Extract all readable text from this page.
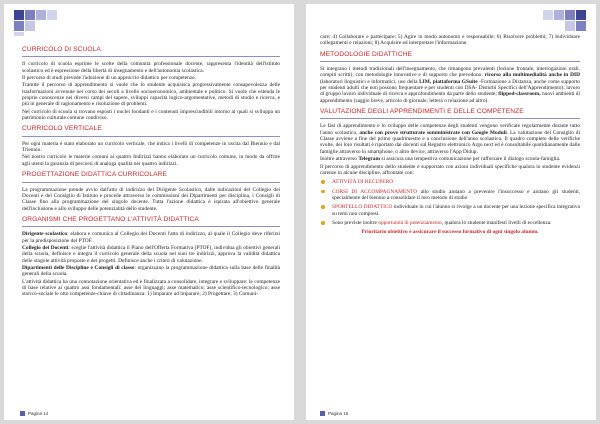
CURRICOLO DI SCUOLA

Il curricolo di scuola esprime le scelte della comunità professionale docente, rappresenta l'identità dell'istituto scolastico ed è espressione della libertà di insegnamento e dell'autonomia scolastica.

Il percorso di studi prevede l'adozione di un approccio didattico per competenze.

Tramite il percorso di apprendimento si vuole che lo studente acquisisca progressivamente consapevolezza delle trasformazioni avvenute nel corso dei secoli a livello socioeconomico, ambientale e politico. Si vuole che estenda le proprie conoscenze nei diversi campi del sapere, sviluppi capacità logico-argomentative, metodi di studio e ricerca, e più in generale di ragionamento e risoluzione di problemi.

Nel curricolo di scuola si trovano esposti i nuclei fondanti e i contenuti imprescindibili intorno ai quali si sviluppa un patrimonio culturale comune condiviso.

CURRICOLO VERTICALE

Per ogni materia è stato elaborato un curricolo verticale, che indica i livelli di competenze in uscita dal Biennio e dal Triennio.

Nel nostro curricolo le materie comuni ai quattro Indirizzi hanno elaborato un curricolo comune, in modo da offrire agli utenti la garanzia di percorsi di analoga qualità nei quattro indirizzi.

PROGETTAZIONE DIDATTICA CURRICOLARE

La programmazione prende avvio dall'atto di indirizzo del Dirigente Scolastico, dalle indicazioni del Collegio dei Docenti e del Consiglio di Istituto e procede attraverso le commissioni dei Dipartimenti per disciplina, i Consigli di Classe fino alla programmazione del singolo docente. Tutta l'azione didattica è ispirata all'obiettivo generale dell'inclusione e allo sviluppo delle potenzialità dello studente.

ORGANISMI CHE PROGETTANO L'ATTIVITÀ DIDATTICA

Dirigente scolastico: elabora e comunica al Collegio dei Docenti l'atto di indirizzo, al quale il Collegio deve riferirsi per la predisposizione del PTOF.

Collegio dei Docenti: sceglie l'attività didattica il Piano dell'Offerta Formativa (PTOF), individua gli obiettivi generali della scuola, definisce e integra il curricolo generale della scuola nei suoi tre indirizzi, approva la validità didattica delle singole attività proposte e dei progetti. Definisce anche i criteri di valutazione.

Dipartimenti delle Discipline e Consigli di classe: organizzano la programmazione didattica sulla base delle finalità generali della scuola.

L'attività didattica ha una connotazione orientativa ed è finalizzata a consolidare, integrare e sviluppare: le competenze di base relative ai quattro assi fondamentali: asse dei linguaggi; asse matematico; asse scientifico-tecnologico; asse storico-sociale le otto competenze-chiave di cittadinanza: 1) Imparare ad imparare; 2) Progettare; 3) Comuni-

Pagina 14

care; 4) Collaborare e partecipare; 5) Agire in modo autonomo e responsabile; 6) Risolvere problemi; 7) Individuare collegamenti e relazioni; 8) Acquisire ed interpretare l'informazione.

METODOLOGIE DIDATTICHE

Si integrano i metodi tradizionali dell'insegnamento, che rimangono prevalenti (lezione frontale, interrogazioni orali, compiti scritti), con metodologie innovative e di supporto che prevedono: ricorso alla multimedialità anche in DID (laboratori linguistici e informatici, uso della LIM, piattaforma GSuite -Formazione a Distanza, anche come supporto per studenti adulti che non possono frequentare e per studenti con DSA- Disturbi Specifici dell'Apprendimento); lavoro di gruppo lavoro individuale di ricerca e approfondimento da parte dello studente; flipped-classroom, nuovi ambienti di apprendimento (saggio breve, articolo di giornale, lettera o relazione ad altro).

VALUTAZIONE DEGLI APPRENDIMENTI E DELLE COMPETENZE

Le fasi di apprendimento e lo sviluppo delle competenze degli studenti vengono verificate regolarmente durante tutto l'anno scolastico, anche con prove strutturate somministrate con Google Moduli. La valutazione del Consiglio di Classe avviene a fine del primo quadrimestre e a conclusione dell'anno scolastico. Il quadro completo delle verifiche svolte, dei loro risultati è riportato dai docenti sul Registro elettronico Argo next ed è consultabile quotidianamente dalle famiglie attraverso lo smartphone, o altro device, attraverso l'App Didup.

Inoltre attraverso Telegram si assicura una tempestiva comunicazione per rafforzare il dialogo scuola-famiglia.

Il percorso di apprendimento dello studente è supportato con azioni individuali specifiche qualora lo studente evidenzi carenze in alcune discipline, affrontate con:

ATTIVITÀ DI RECUPERO
CORSI DI ACCOMPAGNAMENTO allo studio aiutano a prevenire l'insuccesso e aiutano gli studenti, specialmente del biennio a consolidare il loro metodo di studio
SPORTELLO DIDATTICO individuale in cui l'alunno si rivolge a un docente per una lezione specifica integrativa su temi non compresi.
Sono previste inoltre opportunità di potenziamento, qualora lo studente manifesti livelli di eccellenza.

Prioritario obiettivo è assicurare il successo formativo di ogni singolo alunno.

Pagina 15
